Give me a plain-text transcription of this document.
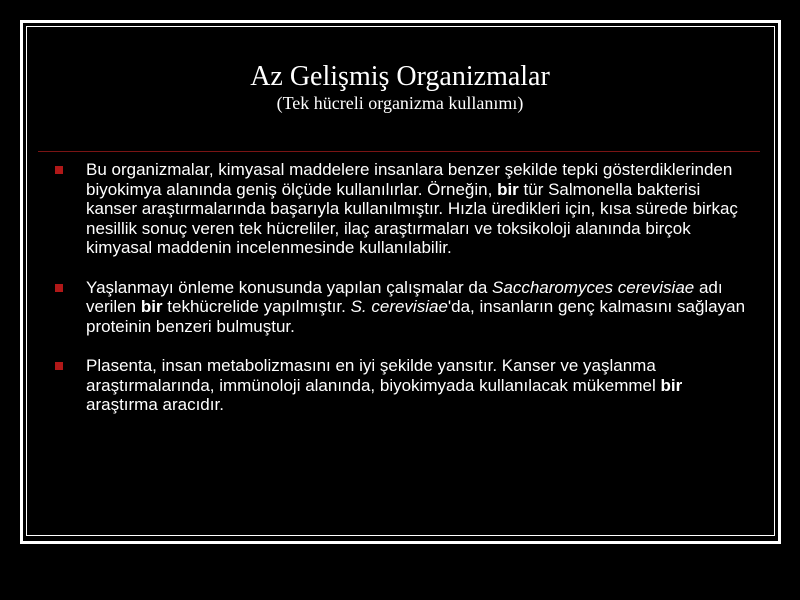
Az Gelişmiş Organizmalar

(Tek hücreli organizma kullanımı)

Bu organizmalar, kimyasal maddelere insanlara benzer şekilde tepki gösterdiklerinden biyokimya alanında geniş ölçüde kullanılırlar. Örneğin, bir tür Salmonella bakterisi kanser araştırmalarında başarıyla kullanılmıştır. Hızla üredikleri için, kısa sürede birkaç nesillik sonuç veren tek hücreliler, ilaç araştırmaları ve toksikoloji alanında birçok kimyasal maddenin incelenmesinde kullanılabilir.
Yaşlanmayı önleme konusunda yapılan çalışmalar da Saccharomyces cerevisiae adı verilen bir tekhücrelide yapılmıştır. S. cerevisiae'da, insanların genç kalmasını sağlayan proteinin benzeri bulmuştur.
Plasenta, insan metabolizmasını en iyi şekilde yansıtır. Kanser ve yaşlanma araştırmalarında, immünoloji alanında, biyokimyada kullanılacak mükemmel bir araştırma aracıdır.
